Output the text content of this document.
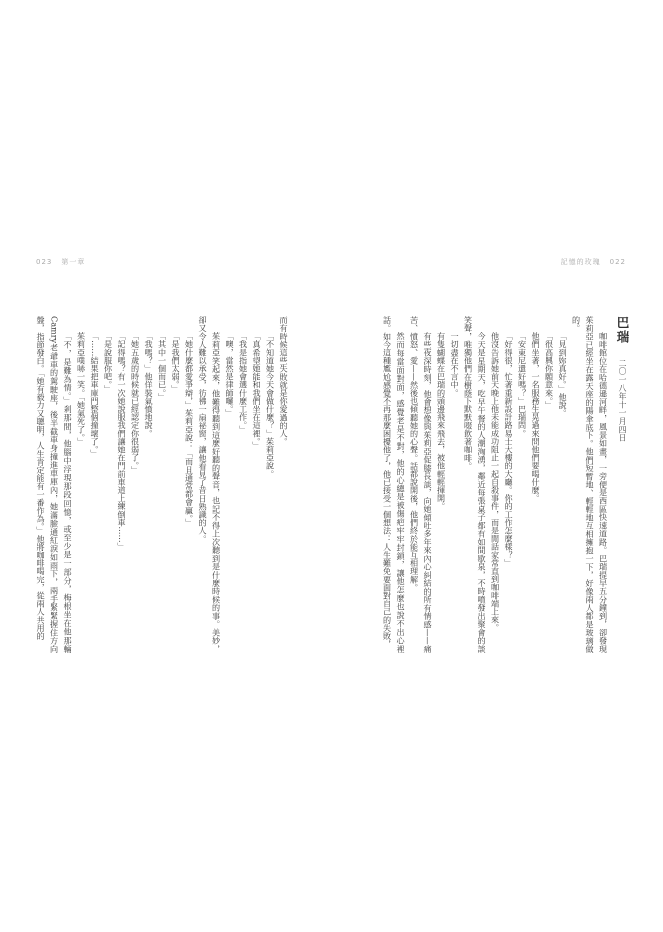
023 第一章	記憶的玫瑰 022
巴瑞二〇一八年十一月四日

咖啡館位在哈德遜河畔，風景如畫，一旁便是西區快速道路。巴瑞提早五分鐘到，卻發現茱莉亞已經坐在露天座的陽傘底下。他們短暫地、輕輕地互相擁抱一下，好像兩人都是玻璃做的。

「見到妳真好。」他說。

「很高興你願意來。」

他們坐著，一名服務生晃過來問他們要喝什麼。

「安東尼還好嗎？」巴瑞問。

「好得很，忙著重新設計路易士大樓的大廳。你的工作怎麼樣？」

他沒告訴她前天晚上他未能成功阻止一起自殺事件，而是閒話家常直到咖啡端上來。

今天是星期天，吃早午餐的人潮洶湧，鄰近每張桌子都有如間歇泉，不時噴發出聚會的談笑聲，唯獨他們在樹蔭下默默啜飲著咖啡。

一切盡在不言中。

有隻蝴蝶在巴瑞的頭邊飛來飛去，被他輕輕揮開。

有些夜深時刻，他會想像與茱莉亞促膝長談，向她傾吐多年來內心糾結的所有情感——痛苦、憤怒、愛——然後也傾聽她的心聲。話都說開後，他們終於能互相理解。

然而每當面對面，感覺老是不對，他的心總是被傷疤牢牢封鎖，讓他怎麼也說不出心裡話。如今這種尷尬感覺不再那麼困擾他了，他已接受一個想法：人生難免要面對自己的失敗，

而有時候這些失敗就是你愛過的人。

「不知道她今天會做什麼？」茱莉亞說。

「真希望她能和我們坐在這裡。」

「我是指她會選什麼工作。」

「噢，當然是律師囉。」

茱莉亞笑起來，他難得聽到這麼好聽的聲音，也記不得上次聽到是什麼時候的事。美妙，卻又令人難以承受，彷彿一扇祕窗，讓他看見了昔日熟識的人。

「她什麼都愛爭辯，」茱莉亞說：「而且通常都會贏。」

「是我們太弱。」

「其中一個而已。」

「我嗎？」他佯裝氣憤地說。

「她五歲的時候就已經認定你很弱了。」

「記得嗎？有一次她說服我們讓她在門前車道上練倒車……」

「是說服你吧。」

「……結果把車庫門整個撞壞了。」

茱莉亞噗哧一笑。「她氣死了。」

「不，是難為情。」剎那間，他腦中浮現那段回憶，或至少是一部分，梅根坐在他那輛Camry老爺車的駕駛座，後半截車身撞進車庫內，她滿臉通紅淚如雨下，兩手緊緊握住方向盤，指節發白。「她有毅力又聰明，人生肯定能有一番作為。」他將咖啡喝完，從兩人共用的
